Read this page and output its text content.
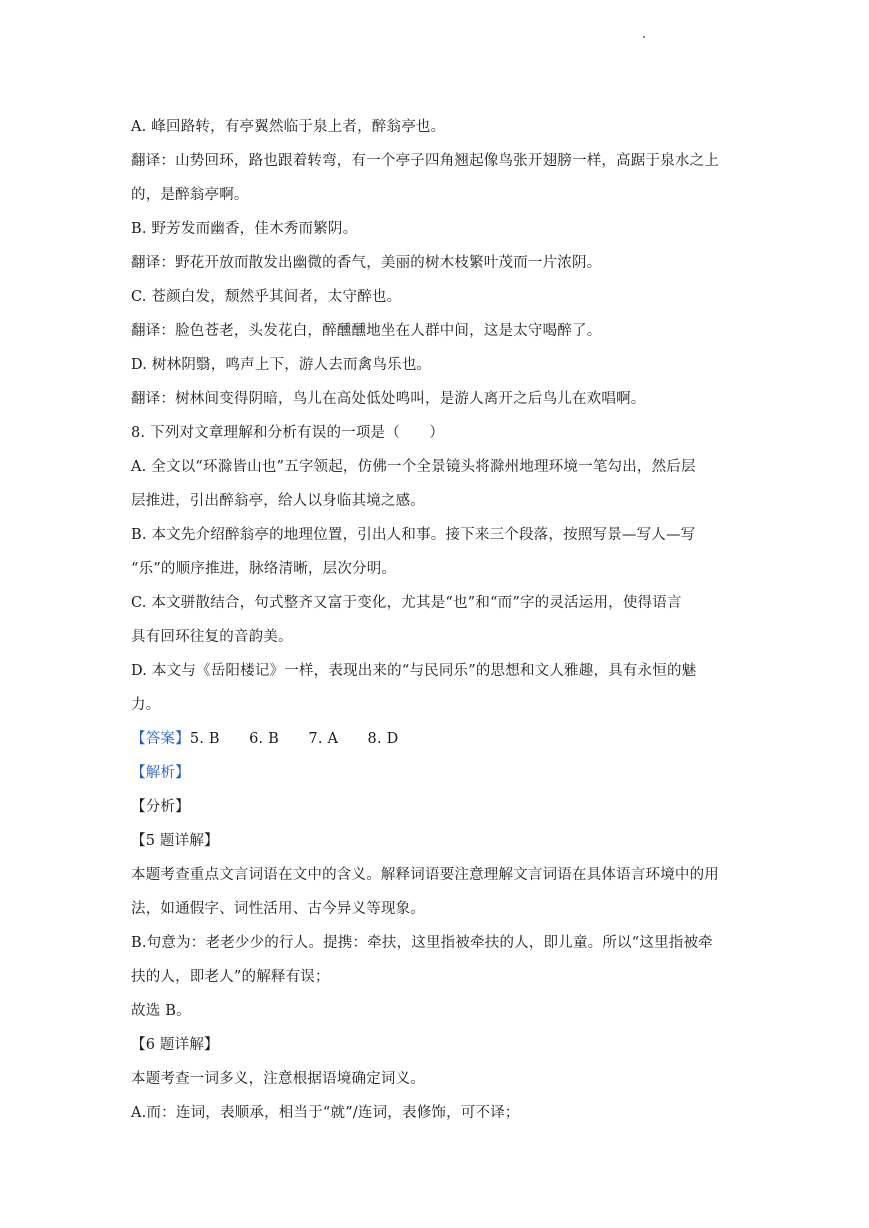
A. 峰回路转，有亭翼然临于泉上者，醉翁亭也。
翻译：山势回环，路也跟着转弯，有一个亭子四角翘起像鸟张开翅膀一样，高踞于泉水之上
的，是醉翁亭啊。
B. 野芳发而幽香，佳木秀而繁阴。
翻译：野花开放而散发出幽微的香气，美丽的树木枝繁叶茂而一片浓阴。
C. 苍颜白发，颓然乎其间者，太守醉也。
翻译：脸色苍老，头发花白，醉醺醺地坐在人群中间，这是太守喝醉了。
D. 树林阴翳，鸣声上下，游人去而禽鸟乐也。
翻译：树林间变得阴暗，鸟儿在高处低处鸣叫，是游人离开之后鸟儿在欢唱啊。
8. 下列对文章理解和分析有误的一项是（　　）
A. 全文以“环滁皆山也”五字领起，仿佛一个全景镜头将滁州地理环境一笔勾出，然后层
层推进，引出醉翁亭，给人以身临其境之感。
B. 本文先介绍醉翁亭的地理位置，引出人和事。接下来三个段落，按照写景—写人—写
“乐”的顺序推进，脉络清晰，层次分明。
C. 本文骈散结合，句式整齐又富于变化，尤其是“也”和“而”字的灵活运用，使得语言
具有回环往复的音韵美。
D. 本文与《岳阳楼记》一样，表现出来的“与民同乐”的思想和文人雅趣，具有永恒的魅
力。
【答案】5. B　　6. B　　7. A　　8. D
【解析】
【分析】
【5 题详解】
本题考查重点文言词语在文中的含义。解释词语要注意理解文言词语在具体语言环境中的用
法，如通假字、词性活用、古今异义等现象。
B.句意为：老老少少的行人。提携：牵扶，这里指被牵扶的人，即儿童。所以“这里指被牵
扶的人，即老人”的解释有误；
故选 B。
【6 题详解】
本题考查一词多义，注意根据语境确定词义。
A.而：连词，表顺承，相当于“就”/连词，表修饰，可不译；
